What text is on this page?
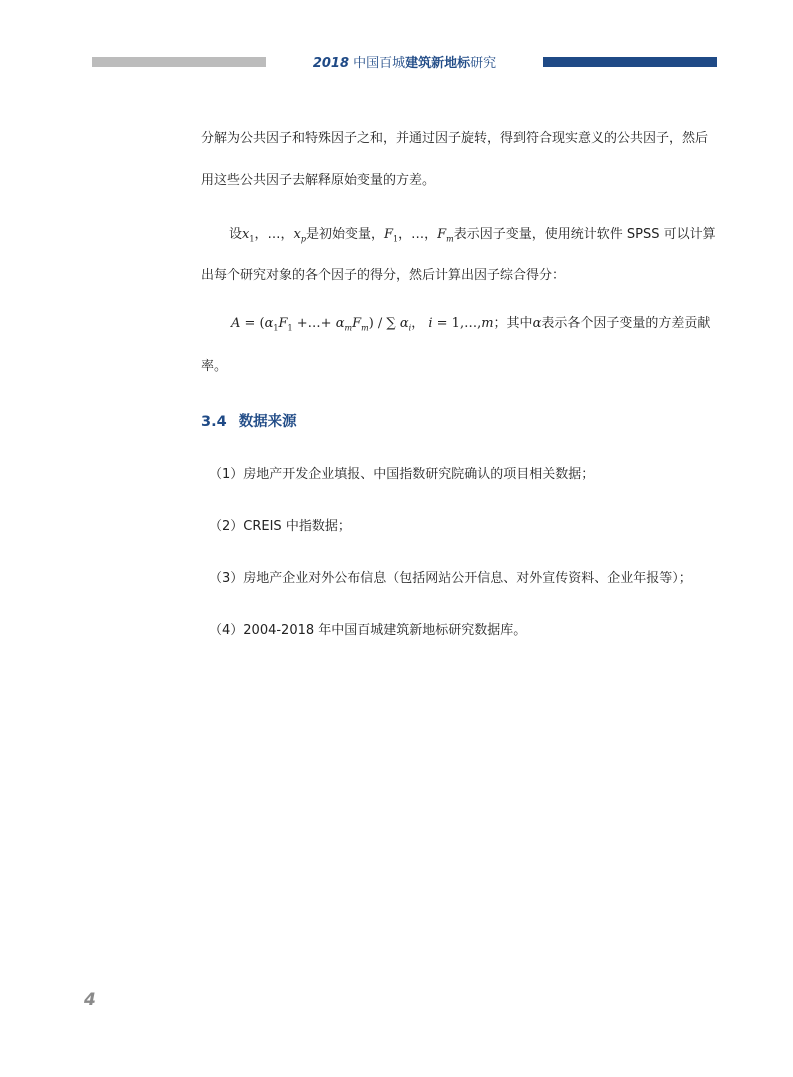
2018 中国百城建筑新地标研究
分解为公共因子和特殊因子之和，并通过因子旋转，得到符合现实意义的公共因子，然后
用这些公共因子去解释原始变量的方差。
设$x_1$，…，$x_p$是初始变量，$F_1$，…，$F_m$表示因子变量，使用统计软件 SPSS 可以计算
出每个研究对象的各个因子的得分，然后计算出因子综合得分：
$A = (\alpha_1F_1$ +…+ $\alpha_mF_m$) / ∑ $\alpha_i$， i = 1,…,m；其中α表示各个因子变量的方差贡献
率。
3.4 数据来源
（1）房地产开发企业填报、中国指数研究院确认的项目相关数据；
（2）CREIS 中指数据；
（3）房地产企业对外公布信息（包括网站公开信息、对外宣传资料、企业年报等）；
（4）2004-2018 年中国百城建筑新地标研究数据库。
4
